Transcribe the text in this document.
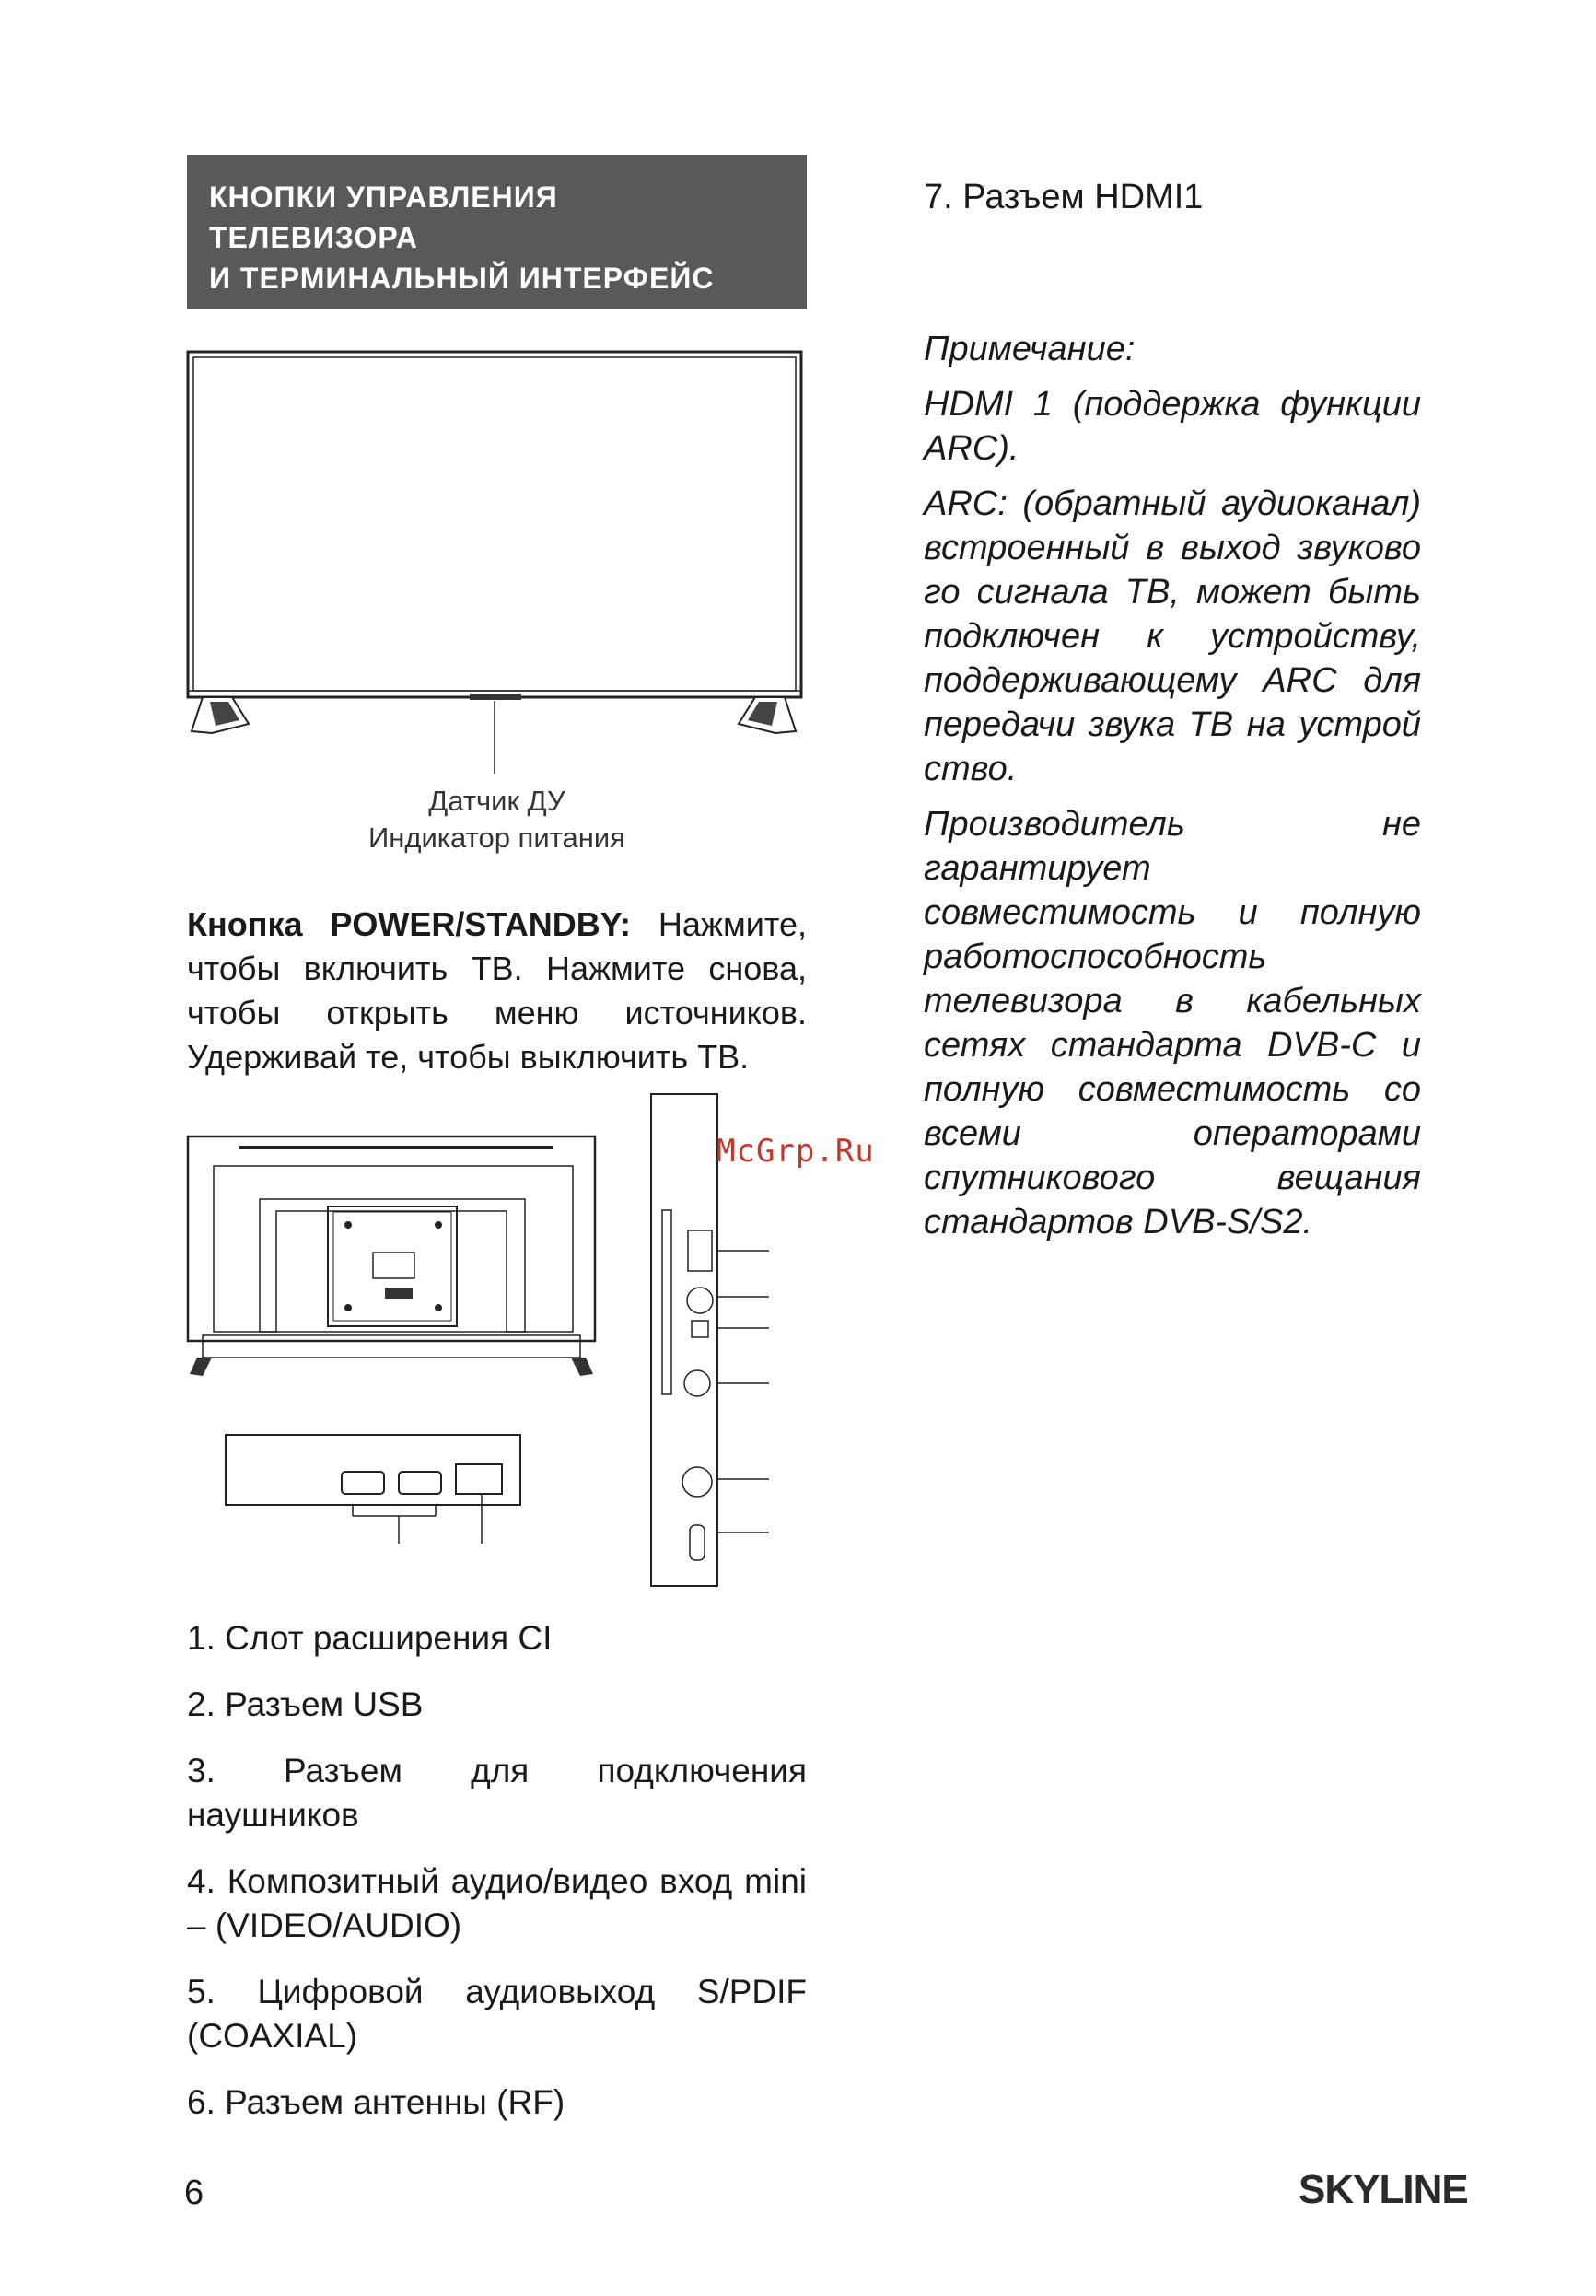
КНОПКИ УПРАВЛЕНИЯ
ТЕЛЕВИЗОРА
И ТЕРМИНАЛЬНЫЙ ИНТЕРФЕЙС
Датчик ДУ
Индикатор питания
Кнопка POWER/STANDBY: Нажмите, чтобы включить ТВ. Нажмите снова, чтобы открыть меню источников. Удерживай те, чтобы выключить ТВ.
McGrp.Ru
1. Слот расширения CI
2. Разъем USB
3. Разъем для подключения наушников
4. Композитный аудио/видео вход mini – (VIDEO/AUDIO)
5. Цифровой аудиовыход S/PDIF (COAXIAL)
6. Разъем антенны (RF)
7. Разъем HDMI1

Примечание:

HDMI 1 (поддержка функции ARC).

ARC: (обратный аудиоканал) встроенный в выход звуково го сигнала ТВ, может быть подключен к устройству, поддерживающему ARC для передачи звука ТВ на устрой ство.

Производитель не гарантирует совместимость и полную работоспособность телевизора в кабельных сетях стандарта DVB-C и полную совместимость со всеми операторами спутникового вещания стандартов DVB-S/S2.

6	SKYLINE
